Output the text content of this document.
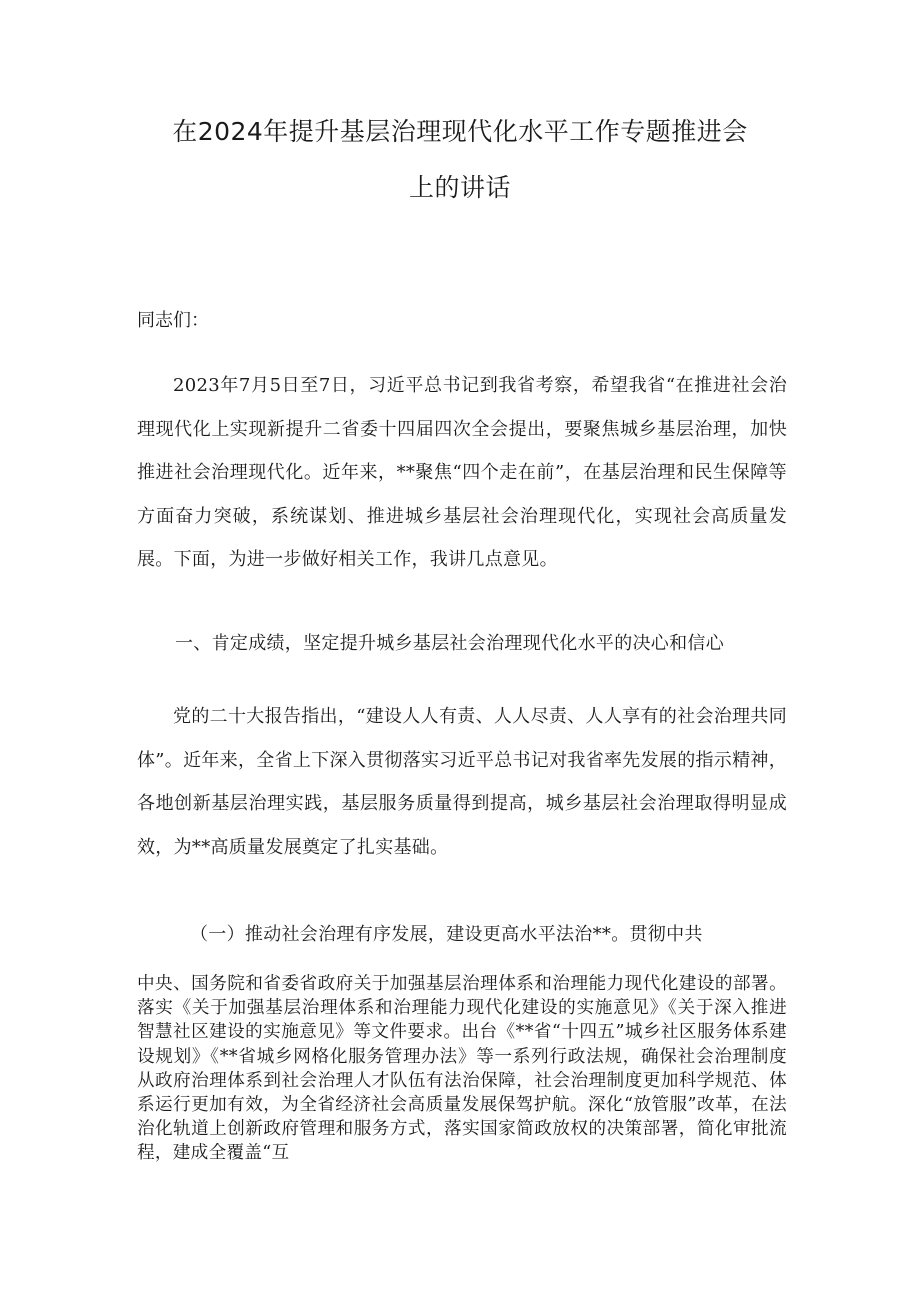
在2024年提升基层治理现代化水平工作专题推进会
上的讲话
同志们：
2023年7月5日至7日，习近平总书记到我省考察，希望我省“在推进社会治理现代化上实现新提升二省委十四届四次全会提出，要聚焦城乡基层治理，加快推进社会治理现代化。近年来，**聚焦“四个走在前”，在基层治理和民生保障等方面奋力突破，系统谋划、推进城乡基层社会治理现代化，实现社会高质量发展。下面，为进一步做好相关工作，我讲几点意见。
一、肯定成绩，坚定提升城乡基层社会治理现代化水平的决心和信心
党的二十大报告指出，“建设人人有责、人人尽责、人人享有的社会治理共同体”。近年来，全省上下深入贯彻落实习近平总书记对我省率先发展的指示精神，各地创新基层治理实践，基层服务质量得到提高，城乡基层社会治理取得明显成效，为**高质量发展奠定了扎实基础。
（一）推动社会治理有序发展，建设更高水平法治**。贯彻中共
中央、国务院和省委省政府关于加强基层治理体系和治理能力现代化建设的部署。落实《关于加强基层治理体系和治理能力现代化建设的实施意见》《关于深入推进智慧社区建设的实施意见》等文件要求。出台《**省“十四五”城乡社区服务体系建设规划》《**省城乡网格化服务管理办法》等一系列行政法规，确保社会治理制度从政府治理体系到社会治理人才队伍有法治保障，社会治理制度更加科学规范、体系运行更加有效，为全省经济社会高质量发展保驾护航。深化“放管服”改革，在法治化轨道上创新政府管理和服务方式，落实国家简政放权的决策部署，简化审批流程，建成全覆盖“互
